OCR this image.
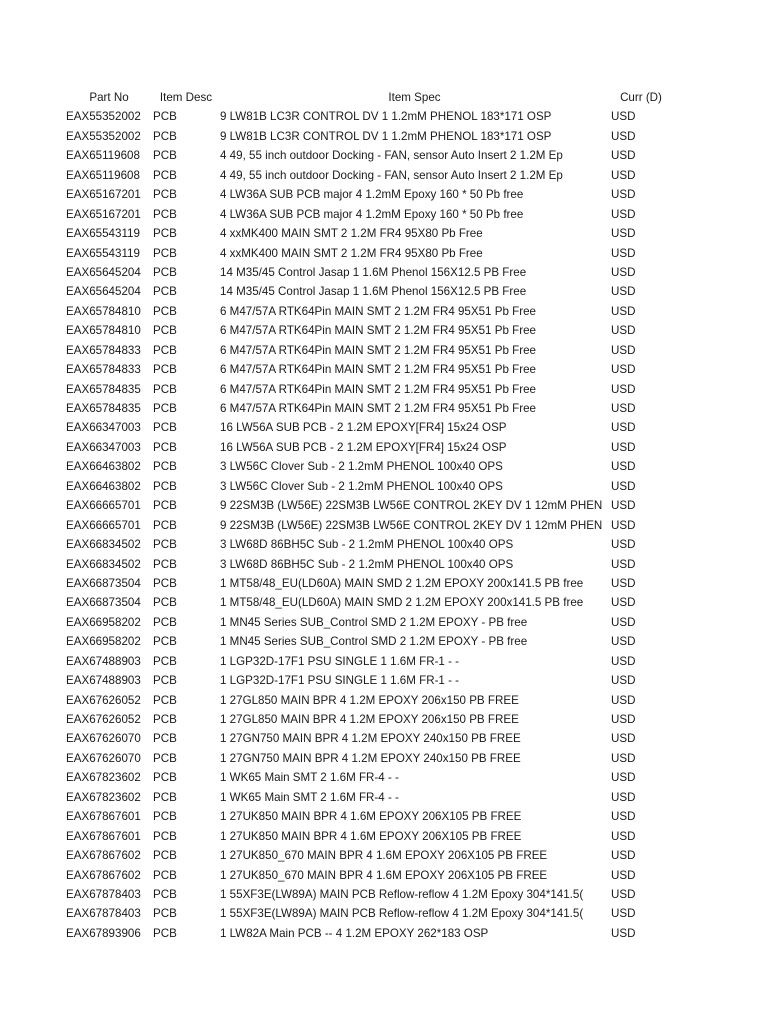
Part No	Item Desc	Item Spec	Curr (D)
EAX55352002	PCB	9 LW81B LC3R CONTROL DV 1 1.2mM PHENOL 183*171 OSP	USD
EAX55352002	PCB	9 LW81B LC3R CONTROL DV 1 1.2mM PHENOL 183*171 OSP	USD
EAX65119608	PCB	4 49, 55 inch outdoor Docking - FAN, sensor Auto Insert 2 1.2M Ep	USD
EAX65119608	PCB	4 49, 55 inch outdoor Docking - FAN, sensor Auto Insert 2 1.2M Ep	USD
EAX65167201	PCB	4 LW36A SUB PCB major 4 1.2mM Epoxy 160 * 50 Pb free	USD
EAX65167201	PCB	4 LW36A SUB PCB major 4 1.2mM Epoxy 160 * 50 Pb free	USD
EAX65543119	PCB	4 xxMK400 MAIN SMT 2 1.2M FR4 95X80 Pb Free	USD
EAX65543119	PCB	4 xxMK400 MAIN SMT 2 1.2M FR4 95X80 Pb Free	USD
EAX65645204	PCB	14 M35/45 Control Jasap 1 1.6M Phenol 156X12.5 PB Free	USD
EAX65645204	PCB	14 M35/45 Control Jasap 1 1.6M Phenol 156X12.5 PB Free	USD
EAX65784810	PCB	6 M47/57A RTK64Pin MAIN SMT 2 1.2M FR4 95X51 Pb Free	USD
EAX65784810	PCB	6 M47/57A RTK64Pin MAIN SMT 2 1.2M FR4 95X51 Pb Free	USD
EAX65784833	PCB	6 M47/57A RTK64Pin MAIN SMT 2 1.2M FR4 95X51 Pb Free	USD
EAX65784833	PCB	6 M47/57A RTK64Pin MAIN SMT 2 1.2M FR4 95X51 Pb Free	USD
EAX65784835	PCB	6 M47/57A RTK64Pin MAIN SMT 2 1.2M FR4 95X51 Pb Free	USD
EAX65784835	PCB	6 M47/57A RTK64Pin MAIN SMT 2 1.2M FR4 95X51 Pb Free	USD
EAX66347003	PCB	16 LW56A SUB PCB - 2 1.2M EPOXY[FR4] 15x24 OSP	USD
EAX66347003	PCB	16 LW56A SUB PCB - 2 1.2M EPOXY[FR4] 15x24 OSP	USD
EAX66463802	PCB	3 LW56C Clover Sub - 2 1.2mM PHENOL 100x40 OPS	USD
EAX66463802	PCB	3 LW56C Clover Sub - 2 1.2mM PHENOL 100x40 OPS	USD
EAX66665701	PCB	9 22SM3B (LW56E) 22SM3B LW56E CONTROL 2KEY DV 1 12mM PHEN USD
EAX66665701	PCB	9 22SM3B (LW56E) 22SM3B LW56E CONTROL 2KEY DV 1 12mM PHEN USD
EAX66834502	PCB	3 LW68D 86BH5C Sub - 2 1.2mM PHENOL 100x40 OPS	USD
EAX66834502	PCB	3 LW68D 86BH5C Sub - 2 1.2mM PHENOL 100x40 OPS	USD
EAX66873504	PCB	1 MT58/48_EU(LD60A) MAIN SMD 2 1.2M EPOXY 200x141.5 PB free	USD
EAX66873504	PCB	1 MT58/48_EU(LD60A) MAIN SMD 2 1.2M EPOXY 200x141.5 PB free	USD
EAX66958202	PCB	1 MN45 Series SUB_Control SMD 2 1.2M EPOXY - PB free	USD
EAX66958202	PCB	1 MN45 Series SUB_Control SMD 2 1.2M EPOXY - PB free	USD
EAX67488903	PCB	1 LGP32D-17F1 PSU SINGLE 1 1.6M FR-1 - -	USD
EAX67488903	PCB	1 LGP32D-17F1 PSU SINGLE 1 1.6M FR-1 - -	USD
EAX67626052	PCB	1 27GL850 MAIN BPR 4 1.2M EPOXY 206x150 PB FREE	USD
EAX67626052	PCB	1 27GL850 MAIN BPR 4 1.2M EPOXY 206x150 PB FREE	USD
EAX67626070	PCB	1 27GN750 MAIN BPR 4 1.2M EPOXY 240x150 PB FREE	USD
EAX67626070	PCB	1 27GN750 MAIN BPR 4 1.2M EPOXY 240x150 PB FREE	USD
EAX67823602	PCB	1 WK65 Main SMT 2 1.6M FR-4 - -	USD
EAX67823602	PCB	1 WK65 Main SMT 2 1.6M FR-4 - -	USD
EAX67867601	PCB	1 27UK850 MAIN BPR 4 1.6M EPOXY 206X105 PB FREE	USD
EAX67867601	PCB	1 27UK850 MAIN BPR 4 1.6M EPOXY 206X105 PB FREE	USD
EAX67867602	PCB	1 27UK850_670 MAIN BPR 4 1.6M EPOXY 206X105 PB FREE	USD
EAX67867602	PCB	1 27UK850_670 MAIN BPR 4 1.6M EPOXY 206X105 PB FREE	USD
EAX67878403	PCB	1 55XF3E(LW89A) MAIN PCB Reflow-reflow 4 1.2M Epoxy 304*141.5(	USD
EAX67878403	PCB	1 55XF3E(LW89A) MAIN PCB Reflow-reflow 4 1.2M Epoxy 304*141.5(	USD
EAX67893906	PCB	1 LW82A Main PCB -- 4 1.2M EPOXY 262*183 OSP	USD
